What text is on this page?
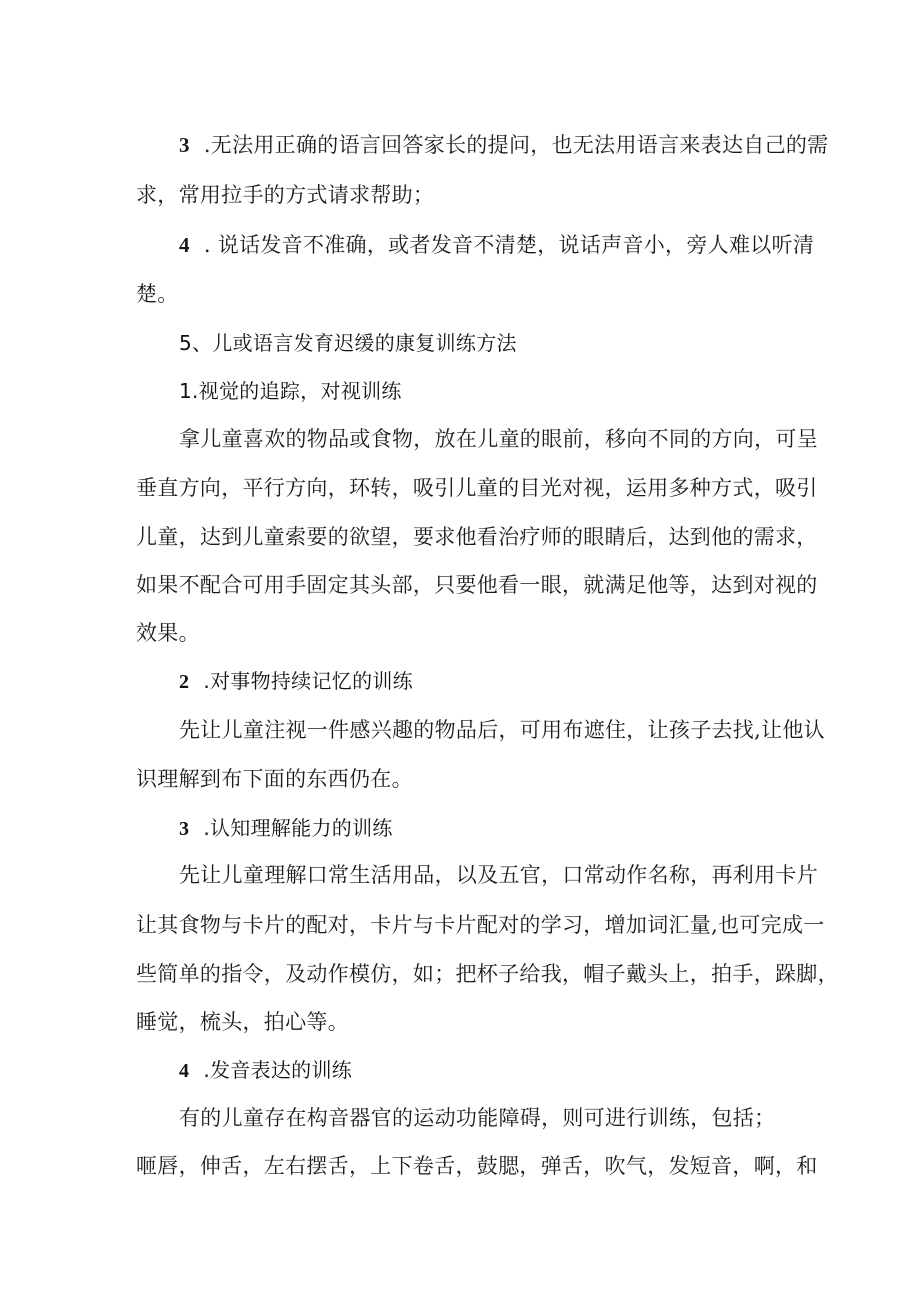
3 .无法用正确的语言回答家长的提问，也无法用语言来表达自己的需
求，常用拉手的方式请求帮助；
4 . 说话发音不准确，或者发音不清楚，说话声音小，旁人难以听清
楚。
5、儿或语言发育迟缓的康复训练方法
1.视觉的追踪，对视训练
拿儿童喜欢的物品或食物，放在儿童的眼前，移向不同的方向，可呈
垂直方向，平行方向，环转，吸引儿童的目光对视，运用多种方式，吸引
儿童，达到儿童索要的欲望，要求他看治疗师的眼睛后，达到他的需求，
如果不配合可用手固定其头部，只要他看一眼，就满足他等，达到对视的
效果。
2 .对事物持续记忆的训练
先让儿童注视一件感兴趣的物品后，可用布遮住，让孩子去找,让他认
识理解到布下面的东西仍在。
3 .认知理解能力的训练
先让儿童理解口常生活用品，以及五官，口常动作名称，再利用卡片
让其食物与卡片的配对，卡片与卡片配对的学习，增加词汇量,也可完成一
些简单的指令，及动作模仿，如；把杯子给我，帽子戴头上，拍手，跺脚，
睡觉，梳头，拍心等。
4 .发音表达的训练
有的儿童存在构音器官的运动功能障碍，则可进行训练，包括；
咂唇，伸舌，左右摆舌，上下卷舌，鼓腮，弹舌，吹气，发短音，啊，和
